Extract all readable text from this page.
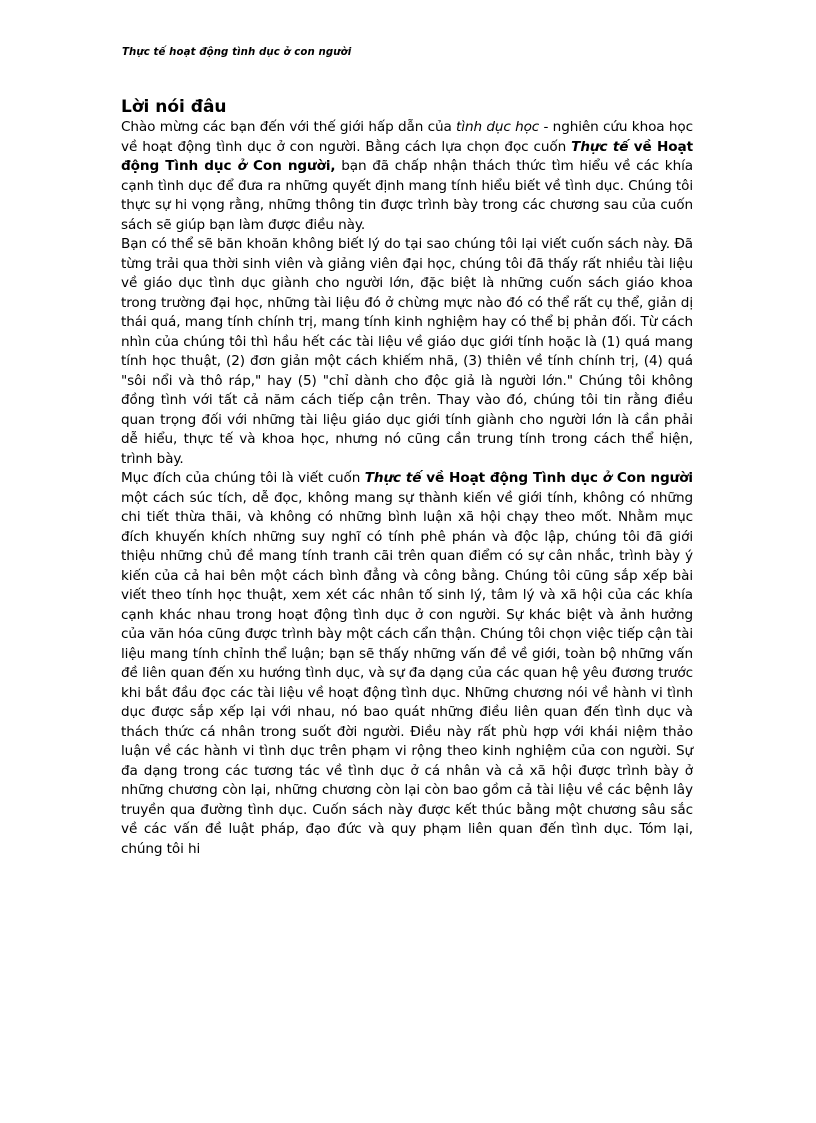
Thực tế hoạt động tình dục ở con người
Lời nói đâu

Chào mừng các bạn đến với thế giới hấp dẫn của tình dục học - nghiên cứu khoa học về hoạt động tình dục ở con người. Bằng cách lựa chọn đọc cuốn Thực tế về Hoạt động Tình dục ở Con người, bạn đã chấp nhận thách thức tìm hiểu về các khía cạnh tình dục để đưa ra những quyết định mang tính hiểu biết về tình dục. Chúng tôi thực sự hi vọng rằng, những thông tin được trình bày trong các chương sau của cuốn sách sẽ giúp bạn làm được điều này.

Bạn có thể sẽ băn khoăn không biết lý do tại sao chúng tôi lại viết cuốn sách này. Đã từng trải qua thời sinh viên và giảng viên đại học, chúng tôi đã thấy rất nhiều tài liệu về giáo dục tình dục giành cho người lớn, đặc biệt là những cuốn sách giáo khoa trong trường đại học, những tài liệu đó ở chừng mực nào đó có thể rất cụ thể, giản dị thái quá, mang tính chính trị, mang tính kinh nghiệm hay có thể bị phản đối. Từ cách nhìn của chúng tôi thì hầu hết các tài liệu về giáo dục giới tính hoặc là (1) quá mang tính học thuật, (2) đơn giản một cách khiếm nhã, (3) thiên về tính chính trị, (4) quá "sôi nổi và thô ráp," hay (5) "chỉ dành cho độc giả là người lớn." Chúng tôi không đồng tình với tất cả năm cách tiếp cận trên. Thay vào đó, chúng tôi tin rằng điều quan trọng đối với những tài liệu giáo dục giới tính giành cho người lớn là cần phải dễ hiểu, thực tế và khoa học, nhưng nó cũng cần trung tính trong cách thể hiện, trình bày.

Mục đích của chúng tôi là viết cuốn Thực tế về Hoạt động Tình dục ở Con người một cách súc tích, dễ đọc, không mang sự thành kiến về giới tính, không có những chi tiết thừa thãi, và không có những bình luận xã hội chạy theo mốt. Nhằm mục đích khuyến khích những suy nghĩ có tính phê phán và độc lập, chúng tôi đã giới thiệu những chủ đề mang tính tranh cãi trên quan điểm có sự cân nhắc, trình bày ý kiến của cả hai bên một cách bình đẳng và công bằng. Chúng tôi cũng sắp xếp bài viết theo tính học thuật, xem xét các nhân tố sinh lý, tâm lý và xã hội của các khía cạnh khác nhau trong hoạt động tình dục ở con người. Sự khác biệt và ảnh hưởng của văn hóa cũng được trình bày một cách cẩn thận. Chúng tôi chọn việc tiếp cận tài liệu mang tính chỉnh thể luận; bạn sẽ thấy những vấn đề về giới, toàn bộ những vấn đề liên quan đến xu hướng tình dục, và sự đa dạng của các quan hệ yêu đương trước khi bắt đầu đọc các tài liệu về hoạt động tình dục. Những chương nói về hành vi tình dục được sắp xếp lại với nhau, nó bao quát những điều liên quan đến tình dục và thách thức cá nhân trong suốt đời người. Điều này rất phù hợp với khái niệm thảo luận về các hành vi tình dục trên phạm vi rộng theo kinh nghiệm của con người. Sự đa dạng trong các tương tác về tình dục ở cá nhân và cả xã hội được trình bày ở những chương còn lại, những chương còn lại còn bao gồm cả tài liệu về các bệnh lây truyền qua đường tình dục. Cuốn sách này được kết thúc bằng một chương sâu sắc về các vấn đề luật pháp, đạo đức và quy phạm liên quan đến tình dục. Tóm lại, chúng tôi hi
